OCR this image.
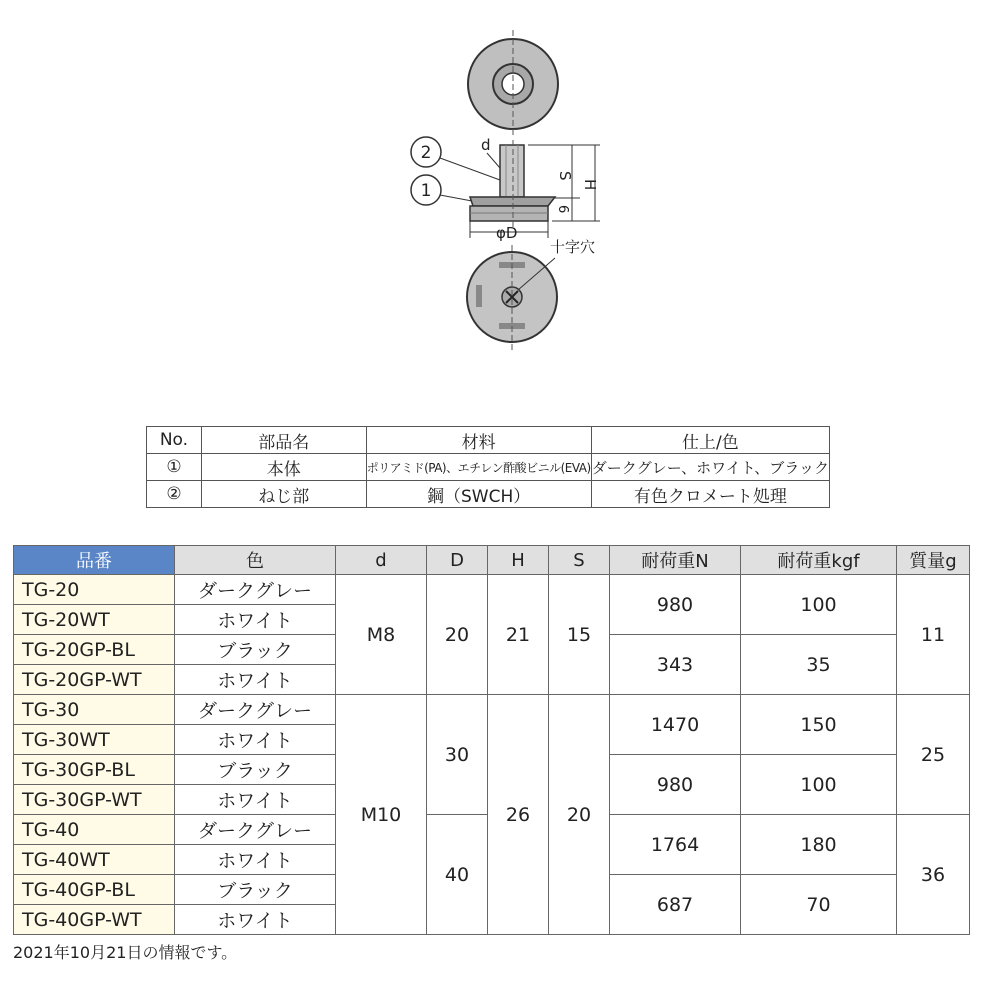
2
1
d
S
H
6
φD
十字穴
No.	部品名	材料	仕上/色
①	本体	ポリアミド(PA)、エチレン酢酸ビニル(EVA)	ダークグレー、ホワイト、ブラック
②	ねじ部	鋼（SWCH）	有色クロメート処理
品番	色	d	D	H	S	耐荷重N	耐荷重kgf	質量g
TG-20	ダークグレー	M8	20	21	15	980	100	11
TG-20WT	ホワイト							
TG-20GP-BL	ブラック					343	35	
TG-20GP-WT	ホワイト							
TG-30	ダークグレー	M10	30	26	20	1470	150	25
TG-30WT	ホワイト							
TG-30GP-BL	ブラック					980	100	
TG-30GP-WT	ホワイト							
TG-40	ダークグレー		40			1764	180	36
TG-40WT	ホワイト							
TG-40GP-BL	ブラック					687	70	
TG-40GP-WT	ホワイト							
2021年10月21日の情報です。
